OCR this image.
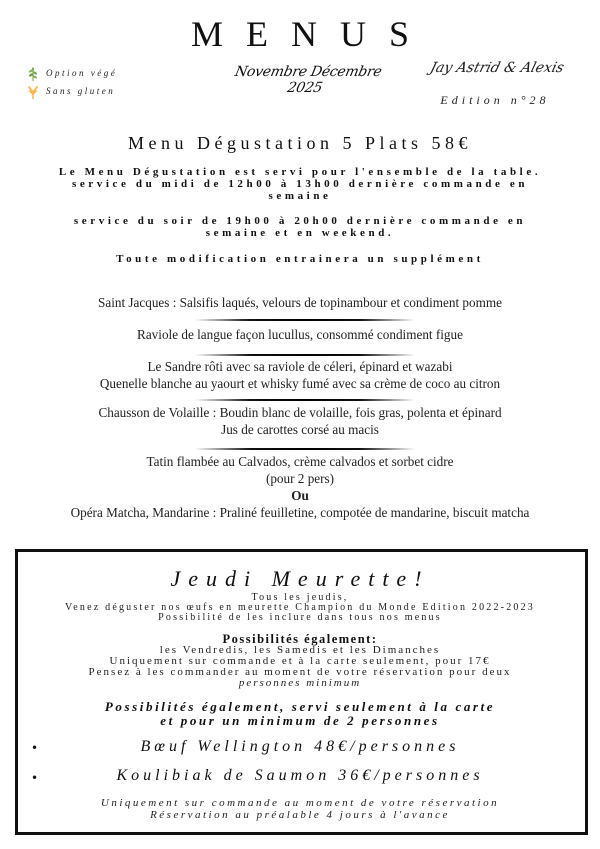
MENUS
Option végé
Sans gluten
Novembre Décembre 2025
Jay Astrid & Alexis
Edition n°28
Menu Dégustation 5 Plats 58€
Le Menu Dégustation est servi pour l'ensemble de la table.
service du midi de 12h00 à 13h00 dernière commande en
semaine
service du soir de 19h00 à 20h00 dernière commande en
semaine et en weekend.
Toute modification entrainera un supplément
Saint Jacques : Salsifis laqués, velours de topinambour et condiment pomme
Raviole de langue façon lucullus, consommé condiment figue
Le Sandre rôti avec sa raviole de céleri, épinard et wazabi
Quenelle blanche au yaourt et whisky fumé avec sa crème de coco au citron
Chausson de Volaille : Boudin blanc de volaille, fois gras, polenta et épinard
Jus de carottes corsé au macis
Tatin flambée au Calvados, crème calvados et sorbet cidre
(pour 2 pers)
Ou
Opéra Matcha, Mandarine : Praliné feuilletine, compotée de mandarine, biscuit matcha
Jeudi Meurette!
Tous les jeudis,
Venez déguster nos œufs en meurette Champion du Monde Edition 2022-2023
Possibilité de les inclure dans tous nos menus
Possibilités également:
les Vendredis, les Samedis et les Dimanches
Uniquement sur commande et à la carte seulement, pour 17€
Pensez à les commander au moment de votre réservation pour deux
personnes minimum
Possibilités également, servi seulement à la carte
et pour un minimum de 2 personnes
•	Bœuf Wellington 48€/personnes
•	Koulibiak de Saumon 36€/personnes
Uniquement sur commande au moment de votre réservation
Réservation au préalable 4 jours à l'avance
